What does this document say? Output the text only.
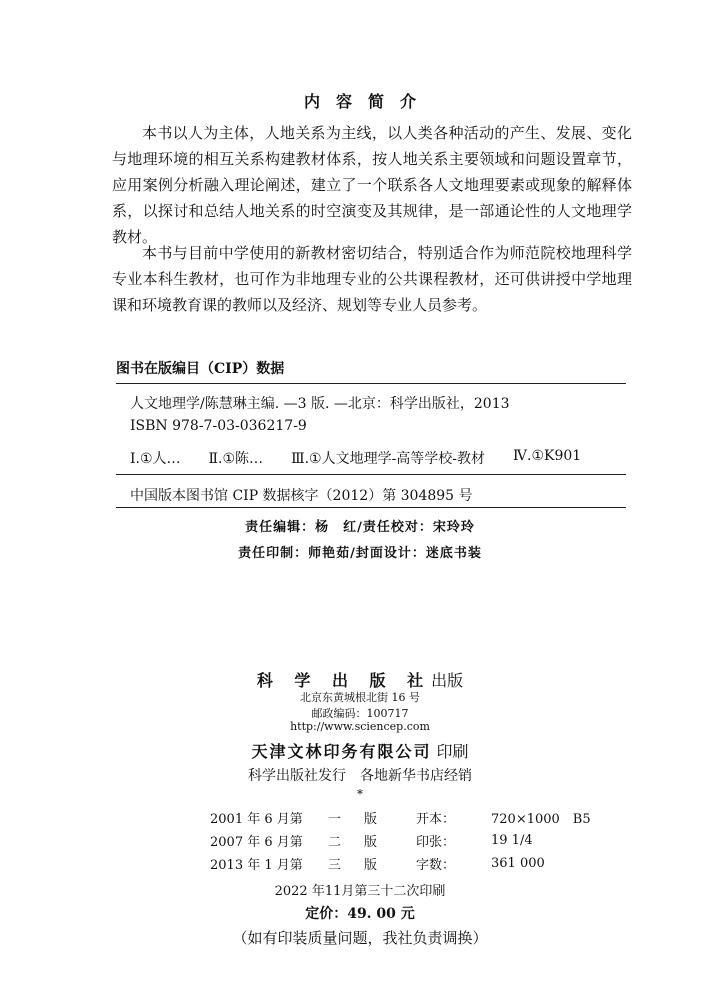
内容简介

本书以人为主体，人地关系为主线，以人类各种活动的产生、发展、变化与地理环境的相互关系构建教材体系，按人地关系主要领域和问题设置章节，应用案例分析融入理论阐述，建立了一个联系各人文地理要素或现象的解释体系，以探讨和总结人地关系的时空演变及其规律，是一部通论性的人文地理学教材。

本书与目前中学使用的新教材密切结合，特别适合作为师范院校地理科学专业本科生教材，也可作为非地理专业的公共课程教材，还可供讲授中学地理课和环境教育课的教师以及经济、规划等专业人员参考。

图书在版编目（CIP）数据
人文地理学/陈慧琳主编. —3 版. —北京：科学出版社，2013
ISBN 978-7-03-036217-9
Ⅰ.①人… Ⅱ.①陈… Ⅲ.①人文地理学-高等学校-教材 Ⅳ.①K901
中国版本图书馆 CIP 数据核字（2012）第 304895 号
责任编辑：杨　红/责任校对：宋玲玲
责任印制：师艳茹/封面设计：迷底书装
科 学 出 版 社出版
北京东黄城根北街 16 号
邮政编码：100717
http://www.sciencep.com
天津文林印务有限公司 印刷
科学出版社发行　各地新华书店经销
*
2001 年 6 月第	一	版	开本：	720×1000　B5
2007 年 6 月第	二	版	印张：	19 1/4
2013 年 1 月第	三	版	字数：	361 000
2022 年11月第三十二次印刷
定价：49. 00 元
（如有印装质量问题，我社负责调换）
